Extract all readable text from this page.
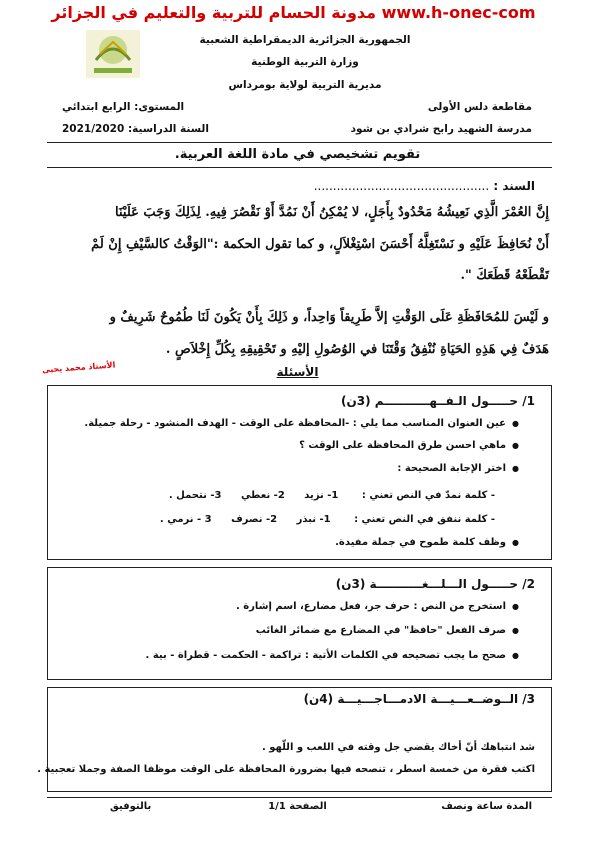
مدونة الحسام للتربية والتعليم في الجزائر www.h-onec-com
الجمهورية الجزائرية الديمقراطية الشعبية
وزارة التربية الوطنية
مديرية التربية لولاية بومرداس
مقاطعة دلس الأولى
مدرسة الشهيد رابح شرادي بن شود
المستوى: الرابع ابتدائي
السنة الدراسية: 2021/2020
تقويم تشخيصي في مادة اللغة العربية.
السند : ..............................................
إِنَّ العُمْرَ الَّذِي نَعِيشُهُ مَحْدُودٌ بِأَجَلٍ، لا يُمْكِنُ أَنْ نَمُدَّ أَوْ نَقْصُرَ فِيهِ. لِذَلِكَ وَجَبَ عَلَيْنَا
أَنْ نُحَافِظَ عَلَيْهِ و نَسْتَغِلَّهُ أَحْسَنَ اسْتِغْلاَلٍ، و كما تقول الحكمة :"الوَقْتُ كالسَّيْفِ إِنْ لَمْ
تَقْطَعْهُ قَطَعَكَ ".
و لَيْسَ للمُحَافَظَةِ عَلَى الوَقْتِ إلاَّ طَرِيقاً وَاحِداً، و ذَلِكَ بِأَنْ يَكُونَ لَنَا طُمُوحٌ شَرِيفٌ و
هَدَفٌ فِي هَذِهِ الحَيَاةِ نُنْفِقُ وَقْتَنَا في الوُصُولِ إليْهِ و تَحْقِيقِهِ بِكُلِّ إِخْلاَصٍ .
الأستاذ محمد يحيى	الأسئلة
1/ حـــــول الـفــهـــــــــــم (3ن)
● عين العنوان المناسب مما يلي : -المحافظة على الوقت - الهدف المنشود - رحلة جميلة.
● ماهي احسن طرق المحافظة على الوقت ؟
● اختر الإجابة الصحيحة :
- كلمة نمدّ في النص تعني : 1- نزيد 2- نعطي 3- نتحمل .
- كلمة ننفق في النص تعني : 1- نبذر 2- نصرف 3 - نرمي .
● وظف كلمة طموح في جملة مفيدة.
2/ حـــــول الـــلـــغـــــــــــة (3ن)
● استخرج من النص : حرف جر، فعل مضارع، اسم إشارة .
● صرف الفعل "حافظ" في المضارع مع ضمائر الغائب
● صحح ما يجب تصحيحه في الكلمات الأتية : تراكمة - الحكمت - قطراة - بية .
3/ الــوضــعـــيـــة الادمـــاجـــيـــة (4ن)
شد انتباهك أنّ أخاك يقضي جل وقته في اللعب و اللّهو .
اكتب فقرة من خمسة اسطر ، تنصحه فيها بضرورة المحافظة على الوقت موظفا الصفة وجملا تعجبية .
المدة ساعة ونصف
الصفحة 1/1
بالتوفيق
